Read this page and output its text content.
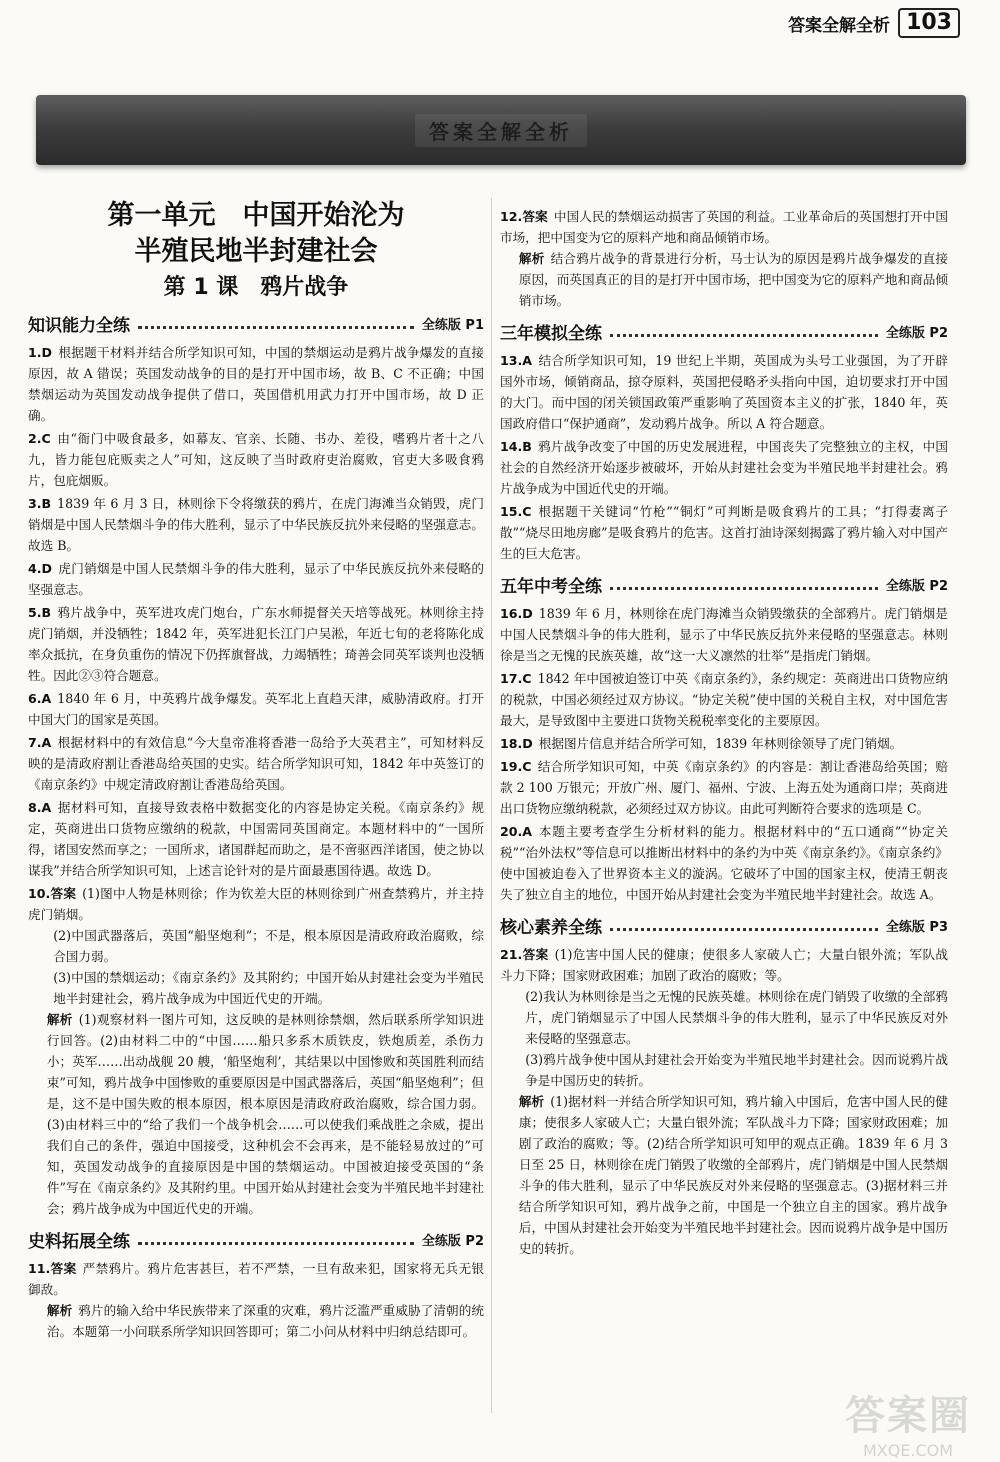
答案全解全析 103
答案全解全析
第一单元　中国开始沦为
半殖民地半封建社会
第 1 课　鸦片战争
知识能力全练	全练版 P1

1.D 根据题干材料并结合所学知识可知，中国的禁烟运动是鸦片战争爆发的直接原因，故 A 错误；英国发动战争的目的是打开中国市场，故 B、C 不正确；中国禁烟运动为英国发动战争提供了借口，英国借机用武力打开中国市场，故 D 正确。

2.C 由“衙门中吸食最多，如幕友、官亲、长随、书办、差役，嗜鸦片者十之八九，皆力能包庇贩卖之人”可知，这反映了当时政府吏治腐败，官吏大多吸食鸦片，包庇烟贩。

3.B 1839 年 6 月 3 日，林则徐下令将缴获的鸦片，在虎门海滩当众销毁，虎门销烟是中国人民禁烟斗争的伟大胜利，显示了中华民族反抗外来侵略的坚强意志。故选 B。

4.D 虎门销烟是中国人民禁烟斗争的伟大胜利，显示了中华民族反抗外来侵略的坚强意志。

5.B 鸦片战争中，英军进攻虎门炮台，广东水师提督关天培等战死。林则徐主持虎门销烟，并没牺牲；1842 年，英军进犯长江门户吴淞，年近七旬的老将陈化成率众抵抗，在身负重伤的情况下仍挥旗督战，力竭牺牲；琦善会同英军谈判也没牺牲。因此②③符合题意。

6.A 1840 年 6 月，中英鸦片战争爆发。英军北上直趋天津，威胁清政府。打开中国大门的国家是英国。

7.A 根据材料中的有效信息“今大皇帝准将香港一岛给予大英君主”，可知材料反映的是清政府割让香港岛给英国的史实。结合所学知识可知，1842 年中英签订的《南京条约》中规定清政府割让香港岛给英国。

8.A 据材料可知，直接导致表格中数据变化的内容是协定关税。《南京条约》规定，英商进出口货物应缴纳的税款，中国需同英国商定。本题材料中的“一国所得，诸国安然而享之；一国所求，诸国群起而助之，是不啻驱西洋诸国，使之协以谋我”并结合所学知识可知，上述言论针对的是片面最惠国待遇。故选 D。

10.答案 (1)图中人物是林则徐；作为钦差大臣的林则徐到广州查禁鸦片，并主持虎门销烟。
(2)中国武器落后，英国“船坚炮利”；不是，根本原因是清政府政治腐败，综合国力弱。
(3)中国的禁烟运动；《南京条约》及其附约；中国开始从封建社会变为半殖民地半封建社会，鸦片战争成为中国近代史的开端。
解析 (1)观察材料一图片可知，这反映的是林则徐禁烟，然后联系所学知识进行回答。(2)由材料二中的“中国……船只多系木质铁皮，铁炮质差，杀伤力小；英军……出动战舰 20 艘，‘船坚炮利’，其结果以中国惨败和英国胜利而结束”可知，鸦片战争中国惨败的重要原因是中国武器落后，英国“船坚炮利”；但是，这不是中国失败的根本原因，根本原因是清政府政治腐败，综合国力弱。(3)由材料三中的“给了我们一个战争机会……可以使我们乘战胜之余威，提出我们自己的条件，强迫中国接受，这种机会不会再来，是不能轻易放过的”可知，英国发动战争的直接原因是中国的禁烟运动。中国被迫接受英国的“条件”写在《南京条约》及其附约里。中国开始从封建社会变为半殖民地半封建社会；鸦片战争成为中国近代史的开端。

史料拓展全练	全练版 P2

11.答案 严禁鸦片。鸦片危害甚巨，若不严禁，一旦有敌来犯，国家将无兵无银御敌。
解析 鸦片的输入给中华民族带来了深重的灾难，鸦片泛滥严重威胁了清朝的统治。本题第一小问联系所学知识回答即可；第二小问从材料中归纳总结即可。

12.答案 中国人民的禁烟运动损害了英国的利益。工业革命后的英国想打开中国市场，把中国变为它的原料产地和商品倾销市场。
解析 结合鸦片战争的背景进行分析，马士认为的原因是鸦片战争爆发的直接原因，而英国真正的目的是打开中国市场，把中国变为它的原料产地和商品倾销市场。

三年模拟全练	全练版 P2

13.A 结合所学知识可知，19 世纪上半期，英国成为头号工业强国，为了开辟国外市场，倾销商品，掠夺原料，英国把侵略矛头指向中国，迫切要求打开中国的大门。而中国的闭关锁国政策严重影响了英国资本主义的扩张，1840 年，英国政府借口“保护通商”，发动鸦片战争。所以 A 符合题意。

14.B 鸦片战争改变了中国的历史发展进程，中国丧失了完整独立的主权，中国社会的自然经济开始逐步被破坏，开始从封建社会变为半殖民地半封建社会。鸦片战争成为中国近代史的开端。

15.C 根据题干关键词“竹枪”“铜灯”可判断是吸食鸦片的工具；“打得妻离子散”“烧尽田地房廊”是吸食鸦片的危害。这首打油诗深刻揭露了鸦片输入对中国产生的巨大危害。

五年中考全练	全练版 P2

16.D 1839 年 6 月，林则徐在虎门海滩当众销毁缴获的全部鸦片。虎门销烟是中国人民禁烟斗争的伟大胜利，显示了中华民族反抗外来侵略的坚强意志。林则徐是当之无愧的民族英雄，故“这一大义凛然的壮举”是指虎门销烟。

17.C 1842 年中国被迫签订中英《南京条约》，条约规定：英商进出口货物应纳的税款，中国必须经过双方协议。“协定关税”使中国的关税自主权，对中国危害最大，是导致图中主要进口货物关税税率变化的主要原因。

18.D 根据图片信息并结合所学可知，1839 年林则徐领导了虎门销烟。

19.C 结合所学知识可知，中英《南京条约》的内容是：割让香港岛给英国；赔款 2 100 万银元；开放广州、厦门、福州、宁波、上海五处为通商口岸；英商进出口货物应缴纳税款，必须经过双方协议。由此可判断符合要求的选项是 C。

20.A 本题主要考查学生分析材料的能力。根据材料中的“五口通商”“协定关税”“治外法权”等信息可以推断出材料中的条约为中英《南京条约》。《南京条约》使中国被迫卷入了世界资本主义的漩涡。它破坏了中国的国家主权，使清王朝丧失了独立自主的地位，中国开始从封建社会变为半殖民地半封建社会。故选 A。

核心素养全练	全练版 P3

21.答案 (1)危害中国人民的健康；使很多人家破人亡；大量白银外流；军队战斗力下降；国家财政困难；加剧了政治的腐败；等。
(2)我认为林则徐是当之无愧的民族英雄。林则徐在虎门销毁了收缴的全部鸦片，虎门销烟显示了中国人民禁烟斗争的伟大胜利，显示了中华民族反对外来侵略的坚强意志。
(3)鸦片战争使中国从封建社会开始变为半殖民地半封建社会。因而说鸦片战争是中国历史的转折。
解析 (1)据材料一并结合所学知识可知，鸦片输入中国后，危害中国人民的健康；使很多人家破人亡；大量白银外流；军队战斗力下降；国家财政困难；加剧了政治的腐败；等。(2)结合所学知识可知甲的观点正确。1839 年 6 月 3 日至 25 日，林则徐在虎门销毁了收缴的全部鸦片，虎门销烟是中国人民禁烟斗争的伟大胜利，显示了中华民族反对外来侵略的坚强意志。(3)据材料三并结合所学知识可知，鸦片战争之前，中国是一个独立自主的国家。鸦片战争后，中国从封建社会开始变为半殖民地半封建社会。因而说鸦片战争是中国历史的转折。

答案圈
MXQE.COM
